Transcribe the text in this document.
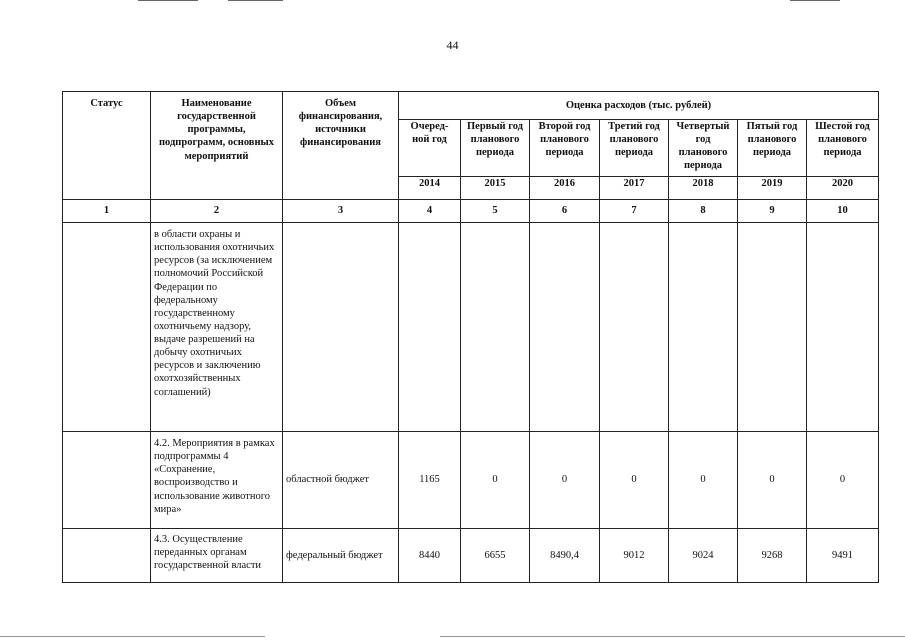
44
Статус	Наименование государственной программы, подпрограмм, основных мероприятий	Объем финансирования, источники финансирования	Оценка расходов (тыс. рублей)						
			Очеред-ной год	Первый год планового периода	Второй год планового периода	Третий год планового периода	Четвертый год планового периода	Пятый год планового периода	Шестой год планового периода
			2014	2015	2016	2017	2018	2019	2020
1	2	3	4	5	6	7	8	9	10
	в области охраны и использования охотничьих ресурсов (за исключением полномочий Российской Федерации по федеральному государственному охотничьему надзору, выдаче разрешений на добычу охотничьих ресурсов и заключению охотхозяйственных соглашений)								
	4.2. Мероприятия в рамках подпрограммы 4 «Сохранение, воспроизводство и использование животного мира»	областной бюджет	1165	0	0	0	0	0	0
	4.3. Осуществление переданных органам государственной власти	федеральный бюджет	8440	6655	8490,4	9012	9024	9268	9491
